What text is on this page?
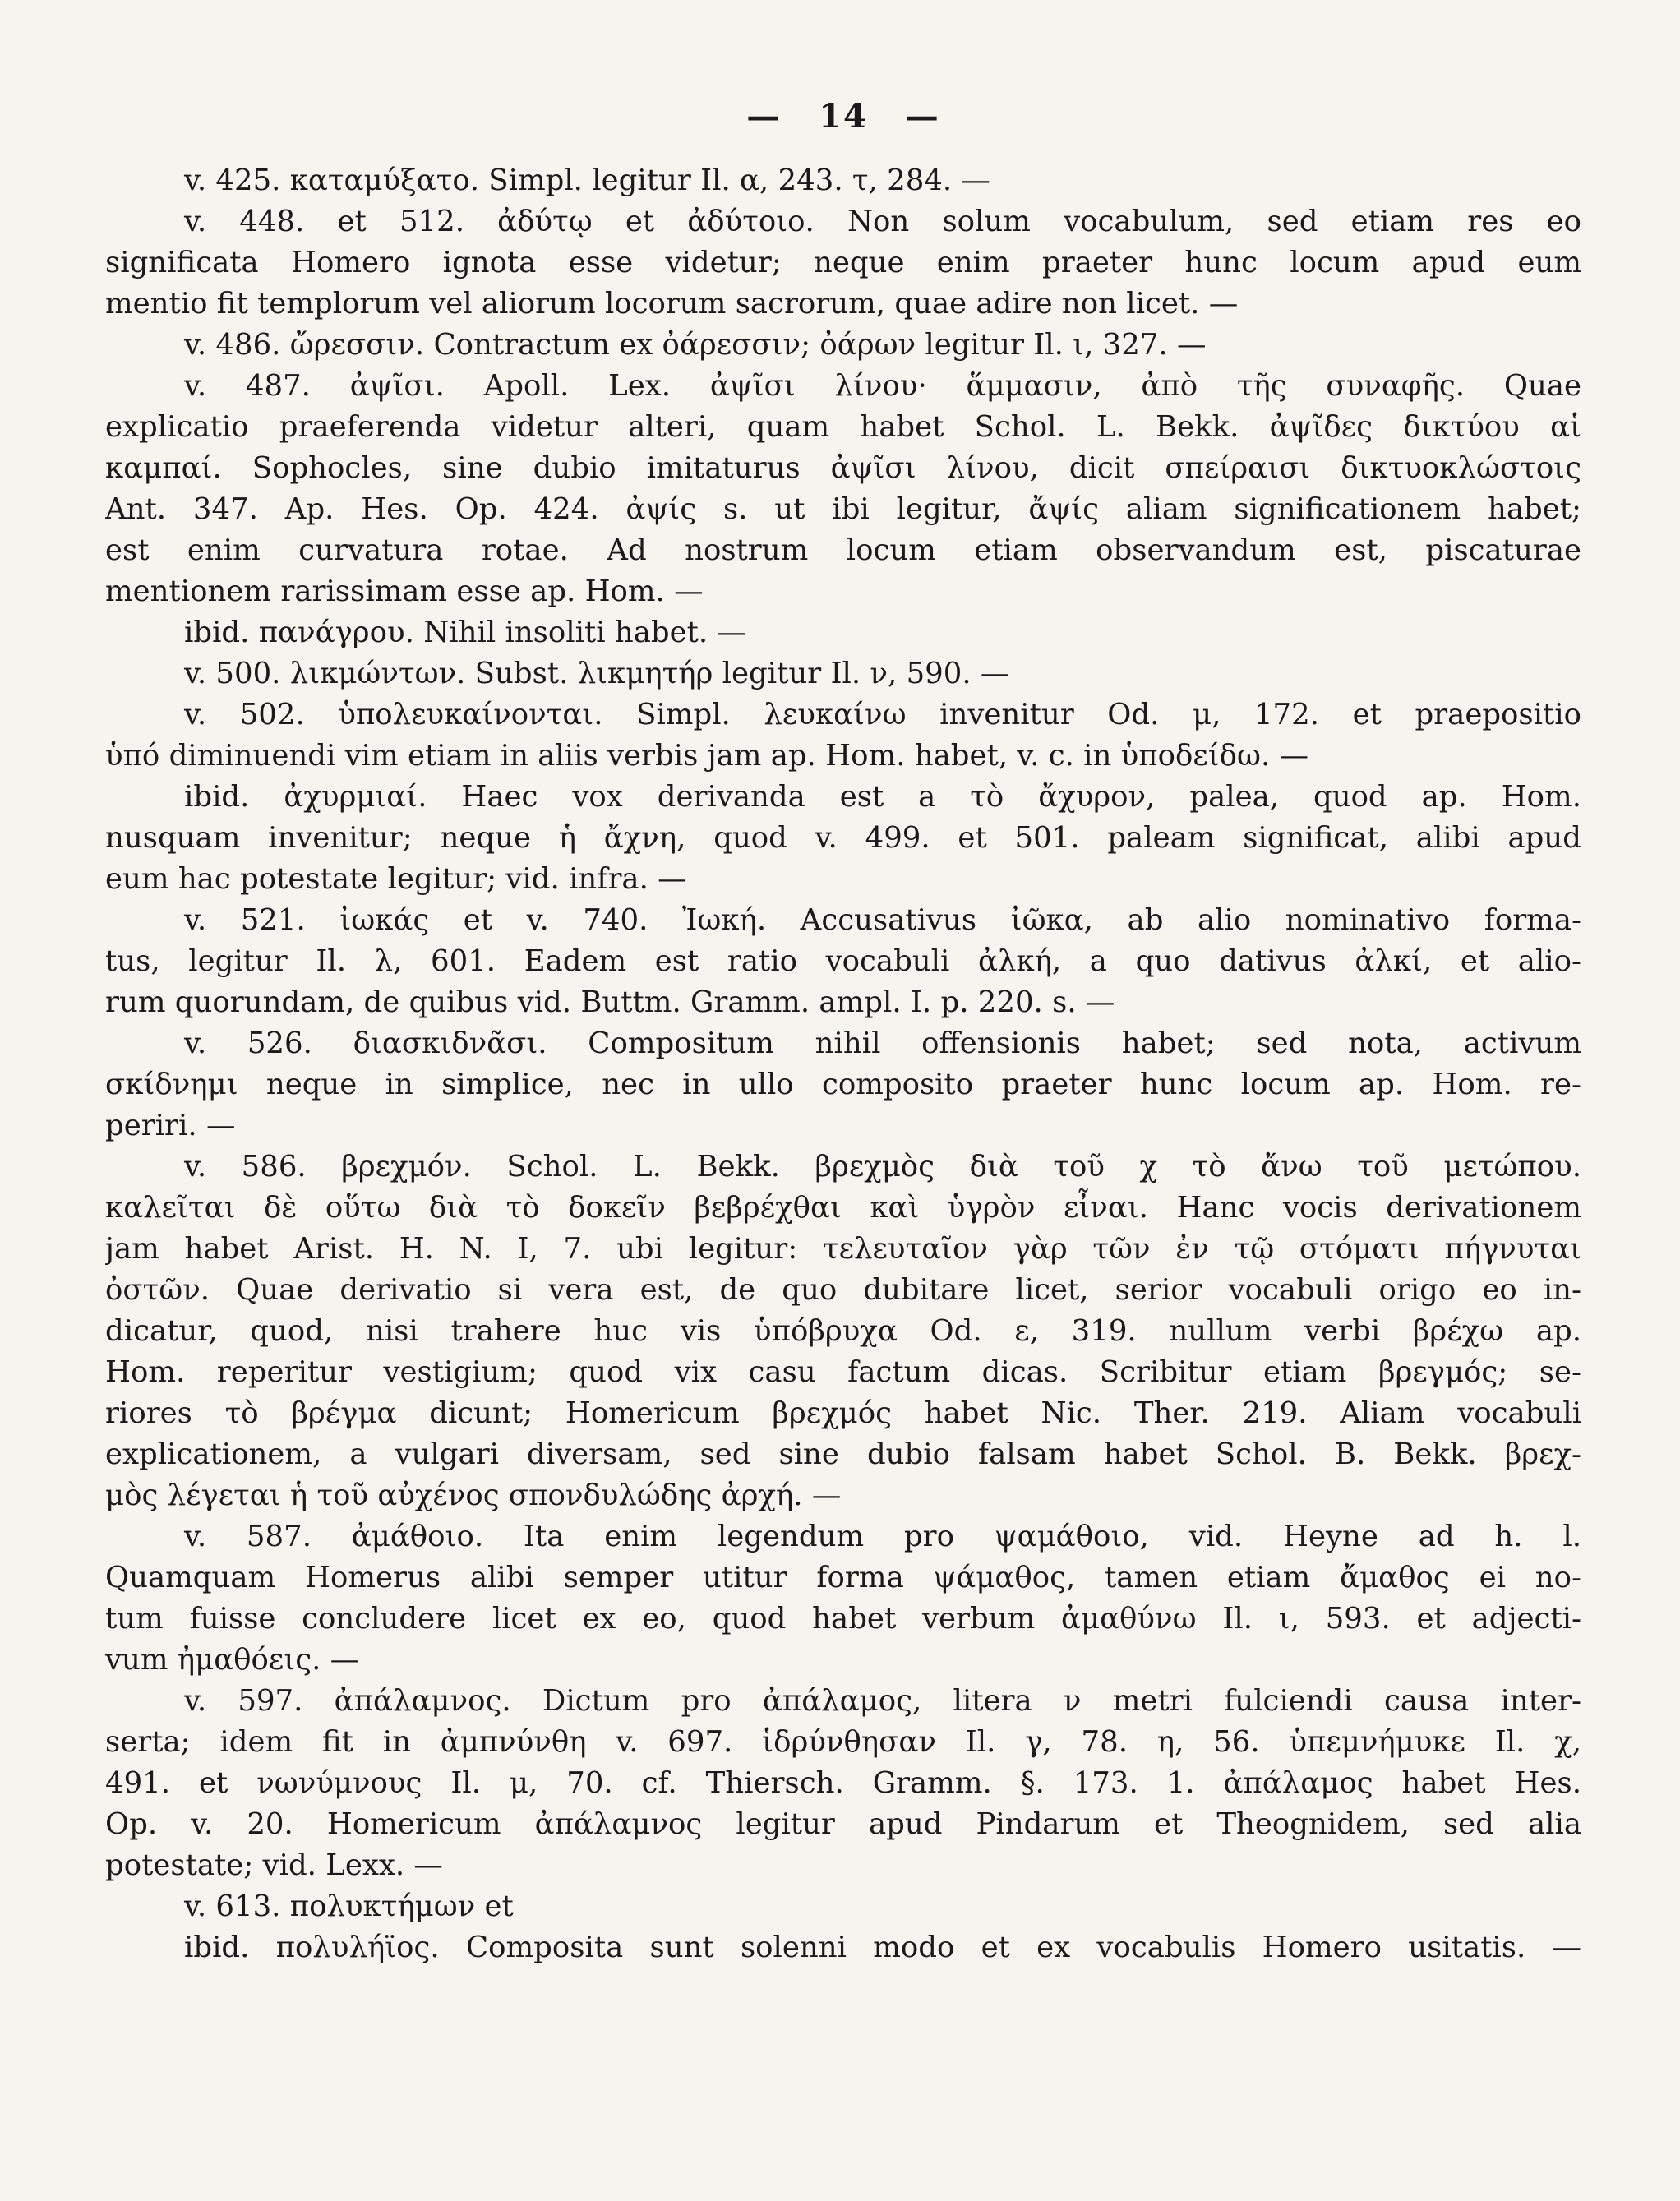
— 14 —
v. 425. καταμύξατο. Simpl. legitur Il. α, 243. τ, 284. —
v. 448. et 512. ἀδύτῳ et ἀδύτοιο. Non solum vocabulum, sed etiam res eo
significata Homero ignota esse videtur; neque enim praeter hunc locum apud eum
mentio fit templorum vel aliorum locorum sacrorum, quae adire non licet. —
v. 486. ὤρεσσιν. Contractum ex ὀάρεσσιν; ὀάρων legitur Il. ι, 327. —
v. 487. ἀψῖσι. Apoll. Lex. ἀψῖσι λίνου· ἅμμασιν, ἀπὸ τῆς συναφῆς. Quae
explicatio praeferenda videtur alteri, quam habet Schol. L. Bekk. ἀψῖδες δικτύου αἱ
καμπαί. Sophocles, sine dubio imitaturus ἀψῖσι λίνου, dicit σπείραισι δικτυοκλώστοις
Ant. 347. Ap. Hes. Op. 424. ἀψίς s. ut ibi legitur, ἄψίς aliam significationem habet;
est enim curvatura rotae. Ad nostrum locum etiam observandum est, piscaturae
mentionem rarissimam esse ap. Hom. —
ibid. πανάγρου. Nihil insoliti habet. —
v. 500. λικμώντων. Subst. λικμητήρ legitur Il. ν, 590. —
v. 502. ὑπολευκαίνονται. Simpl. λευκαίνω invenitur Od. μ, 172. et praepositio
ὑπό diminuendi vim etiam in aliis verbis jam ap. Hom. habet, v. c. in ὑποδείδω. —
ibid. ἀχυρμιαί. Haec vox derivanda est a τὸ ἄχυρον, palea, quod ap. Hom.
nusquam invenitur; neque ἡ ἄχνη, quod v. 499. et 501. paleam significat, alibi apud
eum hac potestate legitur; vid. infra. —
v. 521. ἰωκάς et v. 740. Ἰωκή. Accusativus ἰῶκα, ab alio nominativo forma-
tus, legitur Il. λ, 601. Eadem est ratio vocabuli ἀλκή, a quo dativus ἀλκί, et alio-
rum quorundam, de quibus vid. Buttm. Gramm. ampl. I. p. 220. s. —
v. 526. διασκιδνᾶσι. Compositum nihil offensionis habet; sed nota, activum
σκίδνημι neque in simplice, nec in ullo composito praeter hunc locum ap. Hom. re-
periri. —
v. 586. βρεχμόν. Schol. L. Bekk. βρεχμὸς διὰ τοῦ χ τὸ ἄνω τοῦ μετώπου.
καλεῖται δὲ οὕτω διὰ τὸ δοκεῖν βεβρέχθαι καὶ ὑγρὸν εἶναι. Hanc vocis derivationem
jam habet Arist. H. N. I, 7. ubi legitur: τελευταῖον γὰρ τῶν ἐν τῷ στόματι πήγνυται
ὀστῶν. Quae derivatio si vera est, de quo dubitare licet, serior vocabuli origo eo in-
dicatur, quod, nisi trahere huc vis ὑπόβρυχα Od. ε, 319. nullum verbi βρέχω ap.
Hom. reperitur vestigium; quod vix casu factum dicas. Scribitur etiam βρεγμός; se-
riores τὸ βρέγμα dicunt; Homericum βρεχμός habet Nic. Ther. 219. Aliam vocabuli
explicationem, a vulgari diversam, sed sine dubio falsam habet Schol. B. Bekk. βρεχ-
μὸς λέγεται ἡ τοῦ αὐχένος σπονδυλώδης ἀρχή. —
v. 587. ἀμάθοιο. Ita enim legendum pro ψαμάθοιο, vid. Heyne ad h. l.
Quamquam Homerus alibi semper utitur forma ψάμαθος, tamen etiam ἄμαθος ei no-
tum fuisse concludere licet ex eo, quod habet verbum ἀμαθύνω Il. ι, 593. et adjecti-
vum ἠμαθόεις. —
v. 597. ἀπάλαμνος. Dictum pro ἀπάλαμος, litera ν metri fulciendi causa inter-
serta; idem fit in ἀμπνύνθη v. 697. ἱδρύνθησαν Il. γ, 78. η, 56. ὑπεμνήμυκε Il. χ,
491. et νωνύμνους Il. μ, 70. cf. Thiersch. Gramm. §. 173. 1. ἀπάλαμος habet Hes.
Op. v. 20. Homericum ἀπάλαμνος legitur apud Pindarum et Theognidem, sed alia
potestate; vid. Lexx. —
v. 613. πολυκτήμων et
ibid. πολυλήϊος. Composita sunt solenni modo et ex vocabulis Homero usitatis. —
